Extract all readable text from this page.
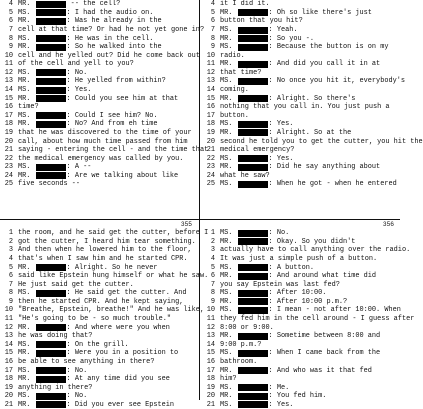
4 MR.	-- the cell?
5 MS.	: I had the audio on.
6 MR.	: Was he already in the
7 cell at that time? Or had he not yet gone in?
8 MS.	: He was in the cell.
9 MR.	: So he walked into the
10 cell and he yelled out? Did he come back out
11 of the cell and yell to you?
12 MS.	: No.
13 MR.	: He yelled from within?
14 MS.	: Yes.
15 MR.	: Could you see him at that
16 time?
17 MS.	: Could I see him? No.
18 MR.	: No? And from eh time
19 that he was discovered to the time of your
20 call, about how much time passed from him
21 saying - entering the cell - and the time that
22 the medical emergency was called by you.
23 MS.	: A --
24 MR.	: Are we talking about like
25 five seconds --
4 it I did it.
5 MR.	: Oh so like there's just
6 button that you hit?
7 MS.	: Yeah.
8 MR.	: So you -.
9 MS.	: Because the button is on my
10 radio.
11 MR.	: And did you call it in at
12 that time?
13 MS.	: No once you hit it, everybody's
14 coming.
15 MR.	: Alright. So there's
16 nothing that you call in. You just push a
17 button.
18 MS.	: Yes.
19 MR.	: Alright. So at the
20 second he told you to get the cutter, you hit the
21 medical emergency?
22 MS.	: Yes.
23 MR.	: Did he say anything about
24 what he saw?
25 MS.	: When he got - when he entered
355
1 the room, and he said get the cutter, before I
2 got the cutter, I heard him tear something.
3 And then when he lowered him to the floor,
4 that's when I saw him and he started CPR.
5 MR.	: Alright. So he never
6 said like Epstein hung himself or what he saw.
7 He just said get the cutter.
8 MS.	: He said get the cutter. And
9 then he started CPR. And he kept saying,
10 "Breathe, Epstein, breathe!" And he was like,
11 "He's going to be - so much trouble."
12 MR.	: And where were you when
13 he was doing that?
14 MS.	: On the grill.
15 MR.	: Were you in a position to
16 be able to see anything in there?
17 MS.	: No.
18 MR.	: At any time did you see
19 anything in there?
20 MS.	: No.
21 MR.	: Did you ever see Epstein
356
1 MS.	: No.
2 MR.	: Okay. So you didn't
3 actually have to call anything over the radio.
4 It was just a simple push of a button.
5 MS.	: A button.
6 MR.	: And around what time did
7 you say Epstein was last fed?
8 MS.	: After 10:00.
9 MR.	: After 10:00 p.m.?
10 MS.	: I mean - not after 10:00. When
11 they fed him in the cell around - I guess after
12 8:00 or 9:00.
13 MR.	: Sometime between 8:00 and
14 9:00 p.m.?
15 MS.	: When I came back from the
16 bathroom.
17 MR.	: And who was it that fed
18 him?
19 MS.	: Me.
20 MR.	: You fed him.
21 MS.	: Yes.
